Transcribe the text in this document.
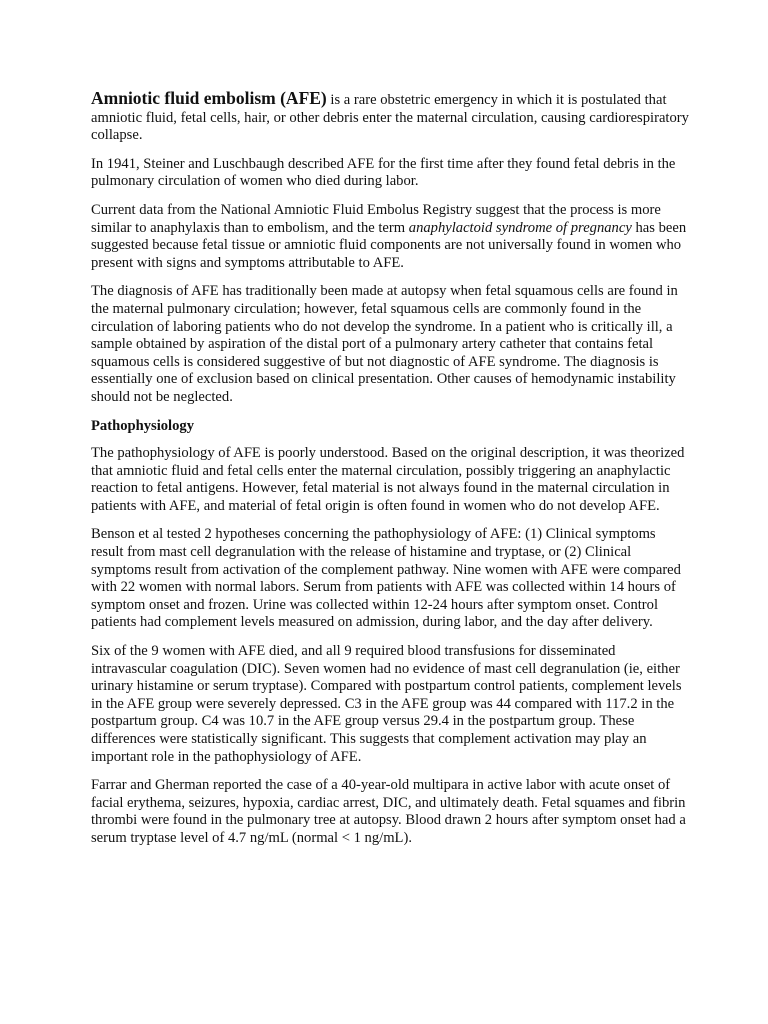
Amniotic fluid embolism (AFE) is a rare obstetric emergency in which it is postulated that amniotic fluid, fetal cells, hair, or other debris enter the maternal circulation, causing cardiorespiratory collapse.

In 1941, Steiner and Luschbaugh described AFE for the first time after they found fetal debris in the pulmonary circulation of women who died during labor.

Current data from the National Amniotic Fluid Embolus Registry suggest that the process is more similar to anaphylaxis than to embolism, and the term anaphylactoid syndrome of pregnancy has been suggested because fetal tissue or amniotic fluid components are not universally found in women who present with signs and symptoms attributable to AFE.

The diagnosis of AFE has traditionally been made at autopsy when fetal squamous cells are found in the maternal pulmonary circulation; however, fetal squamous cells are commonly found in the circulation of laboring patients who do not develop the syndrome. In a patient who is critically ill, a sample obtained by aspiration of the distal port of a pulmonary artery catheter that contains fetal squamous cells is considered suggestive of but not diagnostic of AFE syndrome. The diagnosis is essentially one of exclusion based on clinical presentation. Other causes of hemodynamic instability should not be neglected.

Pathophysiology

The pathophysiology of AFE is poorly understood. Based on the original description, it was theorized that amniotic fluid and fetal cells enter the maternal circulation, possibly triggering an anaphylactic reaction to fetal antigens. However, fetal material is not always found in the maternal circulation in patients with AFE, and material of fetal origin is often found in women who do not develop AFE.

Benson et al tested 2 hypotheses concerning the pathophysiology of AFE: (1) Clinical symptoms result from mast cell degranulation with the release of histamine and tryptase, or (2) Clinical symptoms result from activation of the complement pathway. Nine women with AFE were compared with 22 women with normal labors. Serum from patients with AFE was collected within 14 hours of symptom onset and frozen. Urine was collected within 12-24 hours after symptom onset. Control patients had complement levels measured on admission, during labor, and the day after delivery.

Six of the 9 women with AFE died, and all 9 required blood transfusions for disseminated intravascular coagulation (DIC). Seven women had no evidence of mast cell degranulation (ie, either urinary histamine or serum tryptase). Compared with postpartum control patients, complement levels in the AFE group were severely depressed. C3 in the AFE group was 44 compared with 117.2 in the postpartum group. C4 was 10.7 in the AFE group versus 29.4 in the postpartum group. These differences were statistically significant. This suggests that complement activation may play an important role in the pathophysiology of AFE.

Farrar and Gherman reported the case of a 40-year-old multipara in active labor with acute onset of facial erythema, seizures, hypoxia, cardiac arrest, DIC, and ultimately death. Fetal squames and fibrin thrombi were found in the pulmonary tree at autopsy. Blood drawn 2 hours after symptom onset had a serum tryptase level of 4.7 ng/mL (normal < 1 ng/mL).
